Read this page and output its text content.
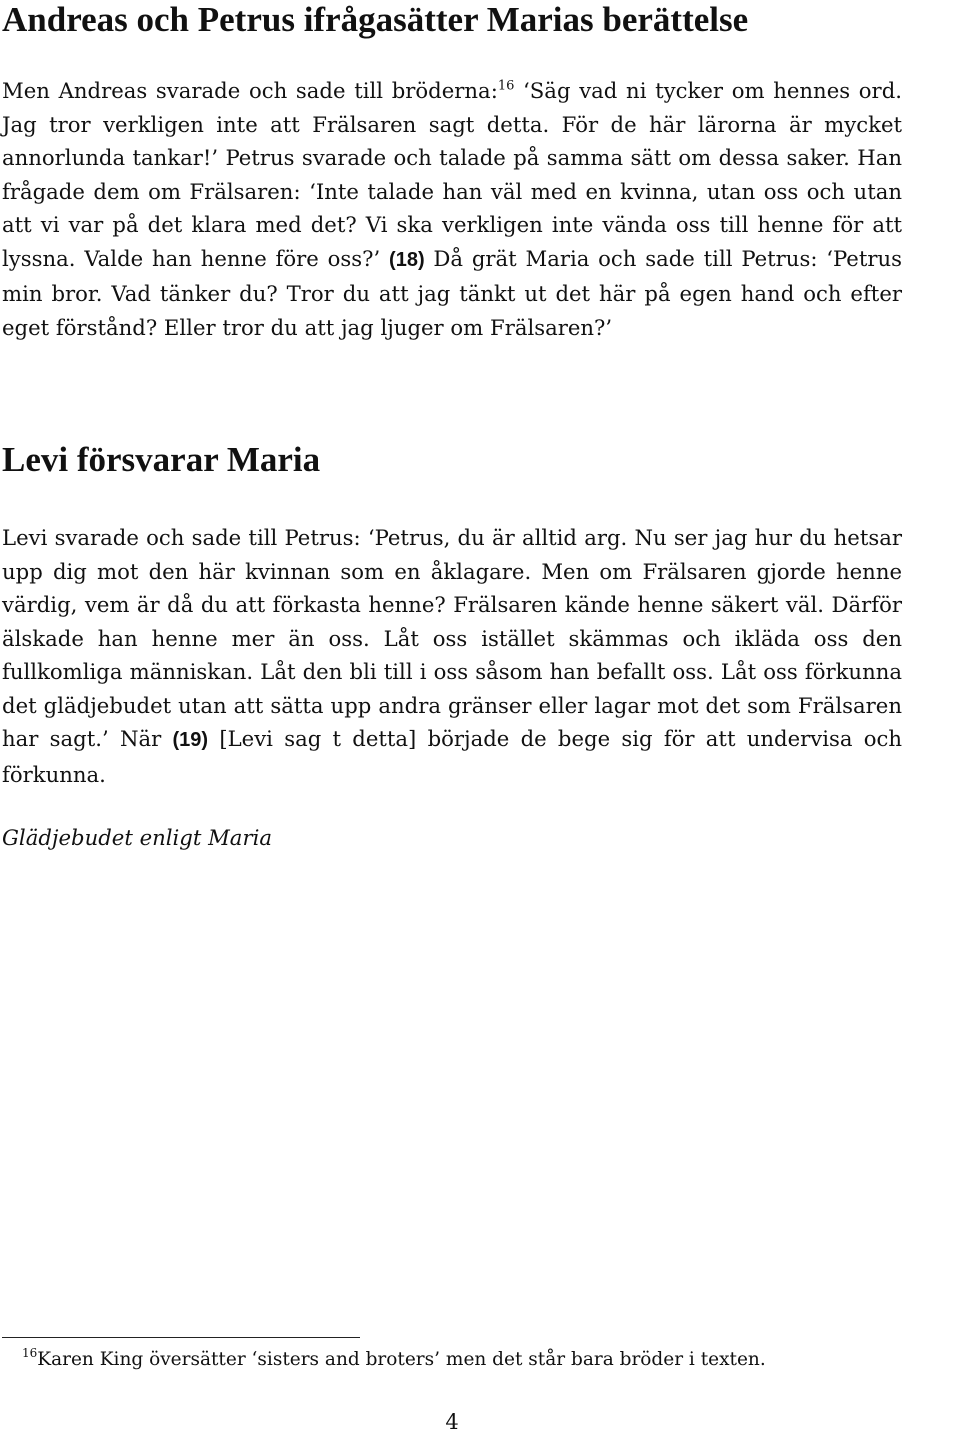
Andreas och Petrus ifrågasätter Marias berättelse

Men Andreas svarade och sade till bröderna:$^{16}$ ‘Säg vad ni tycker om hennes ord. Jag tror verkligen inte att Frälsaren sagt detta. För de här lärorna är mycket annorlunda tankar!’ Petrus svarade och talade på samma sätt om dessa saker. Han frågade dem om Frälsaren: ‘Inte talade han väl med en kvinna, utan oss och utan att vi var på det klara med det? Vi ska verkligen inte vända oss till henne för att lyssna. Valde han henne före oss?’ (18) Då grät Maria och sade till Petrus: ‘Petrus min bror. Vad tänker du? Tror du att jag tänkt ut det här på egen hand och efter eget förstånd? Eller tror du att jag ljuger om Frälsaren?’

Levi försvarar Maria

Levi svarade och sade till Petrus: ‘Petrus, du är alltid arg. Nu ser jag hur du hetsar upp dig mot den här kvinnan som en åklagare. Men om Frälsaren gjorde henne värdig, vem är då du att förkasta henne? Frälsaren kände henne säkert väl. Därför älskade han henne mer än oss. Låt oss istället skämmas och ikläda oss den fullkomliga människan. Låt den bli till i oss såsom han befallt oss. Låt oss förkunna det glädjebudet utan att sätta upp andra gränser eller lagar mot det som Frälsaren har sagt.’ När (19) [Levi sag t detta] började de bege sig för att undervisa och förkunna.

Glädjebudet enligt Maria

$^{16}$Karen King översätter ‘sisters and broters’ men det står bara bröder i texten.
4
